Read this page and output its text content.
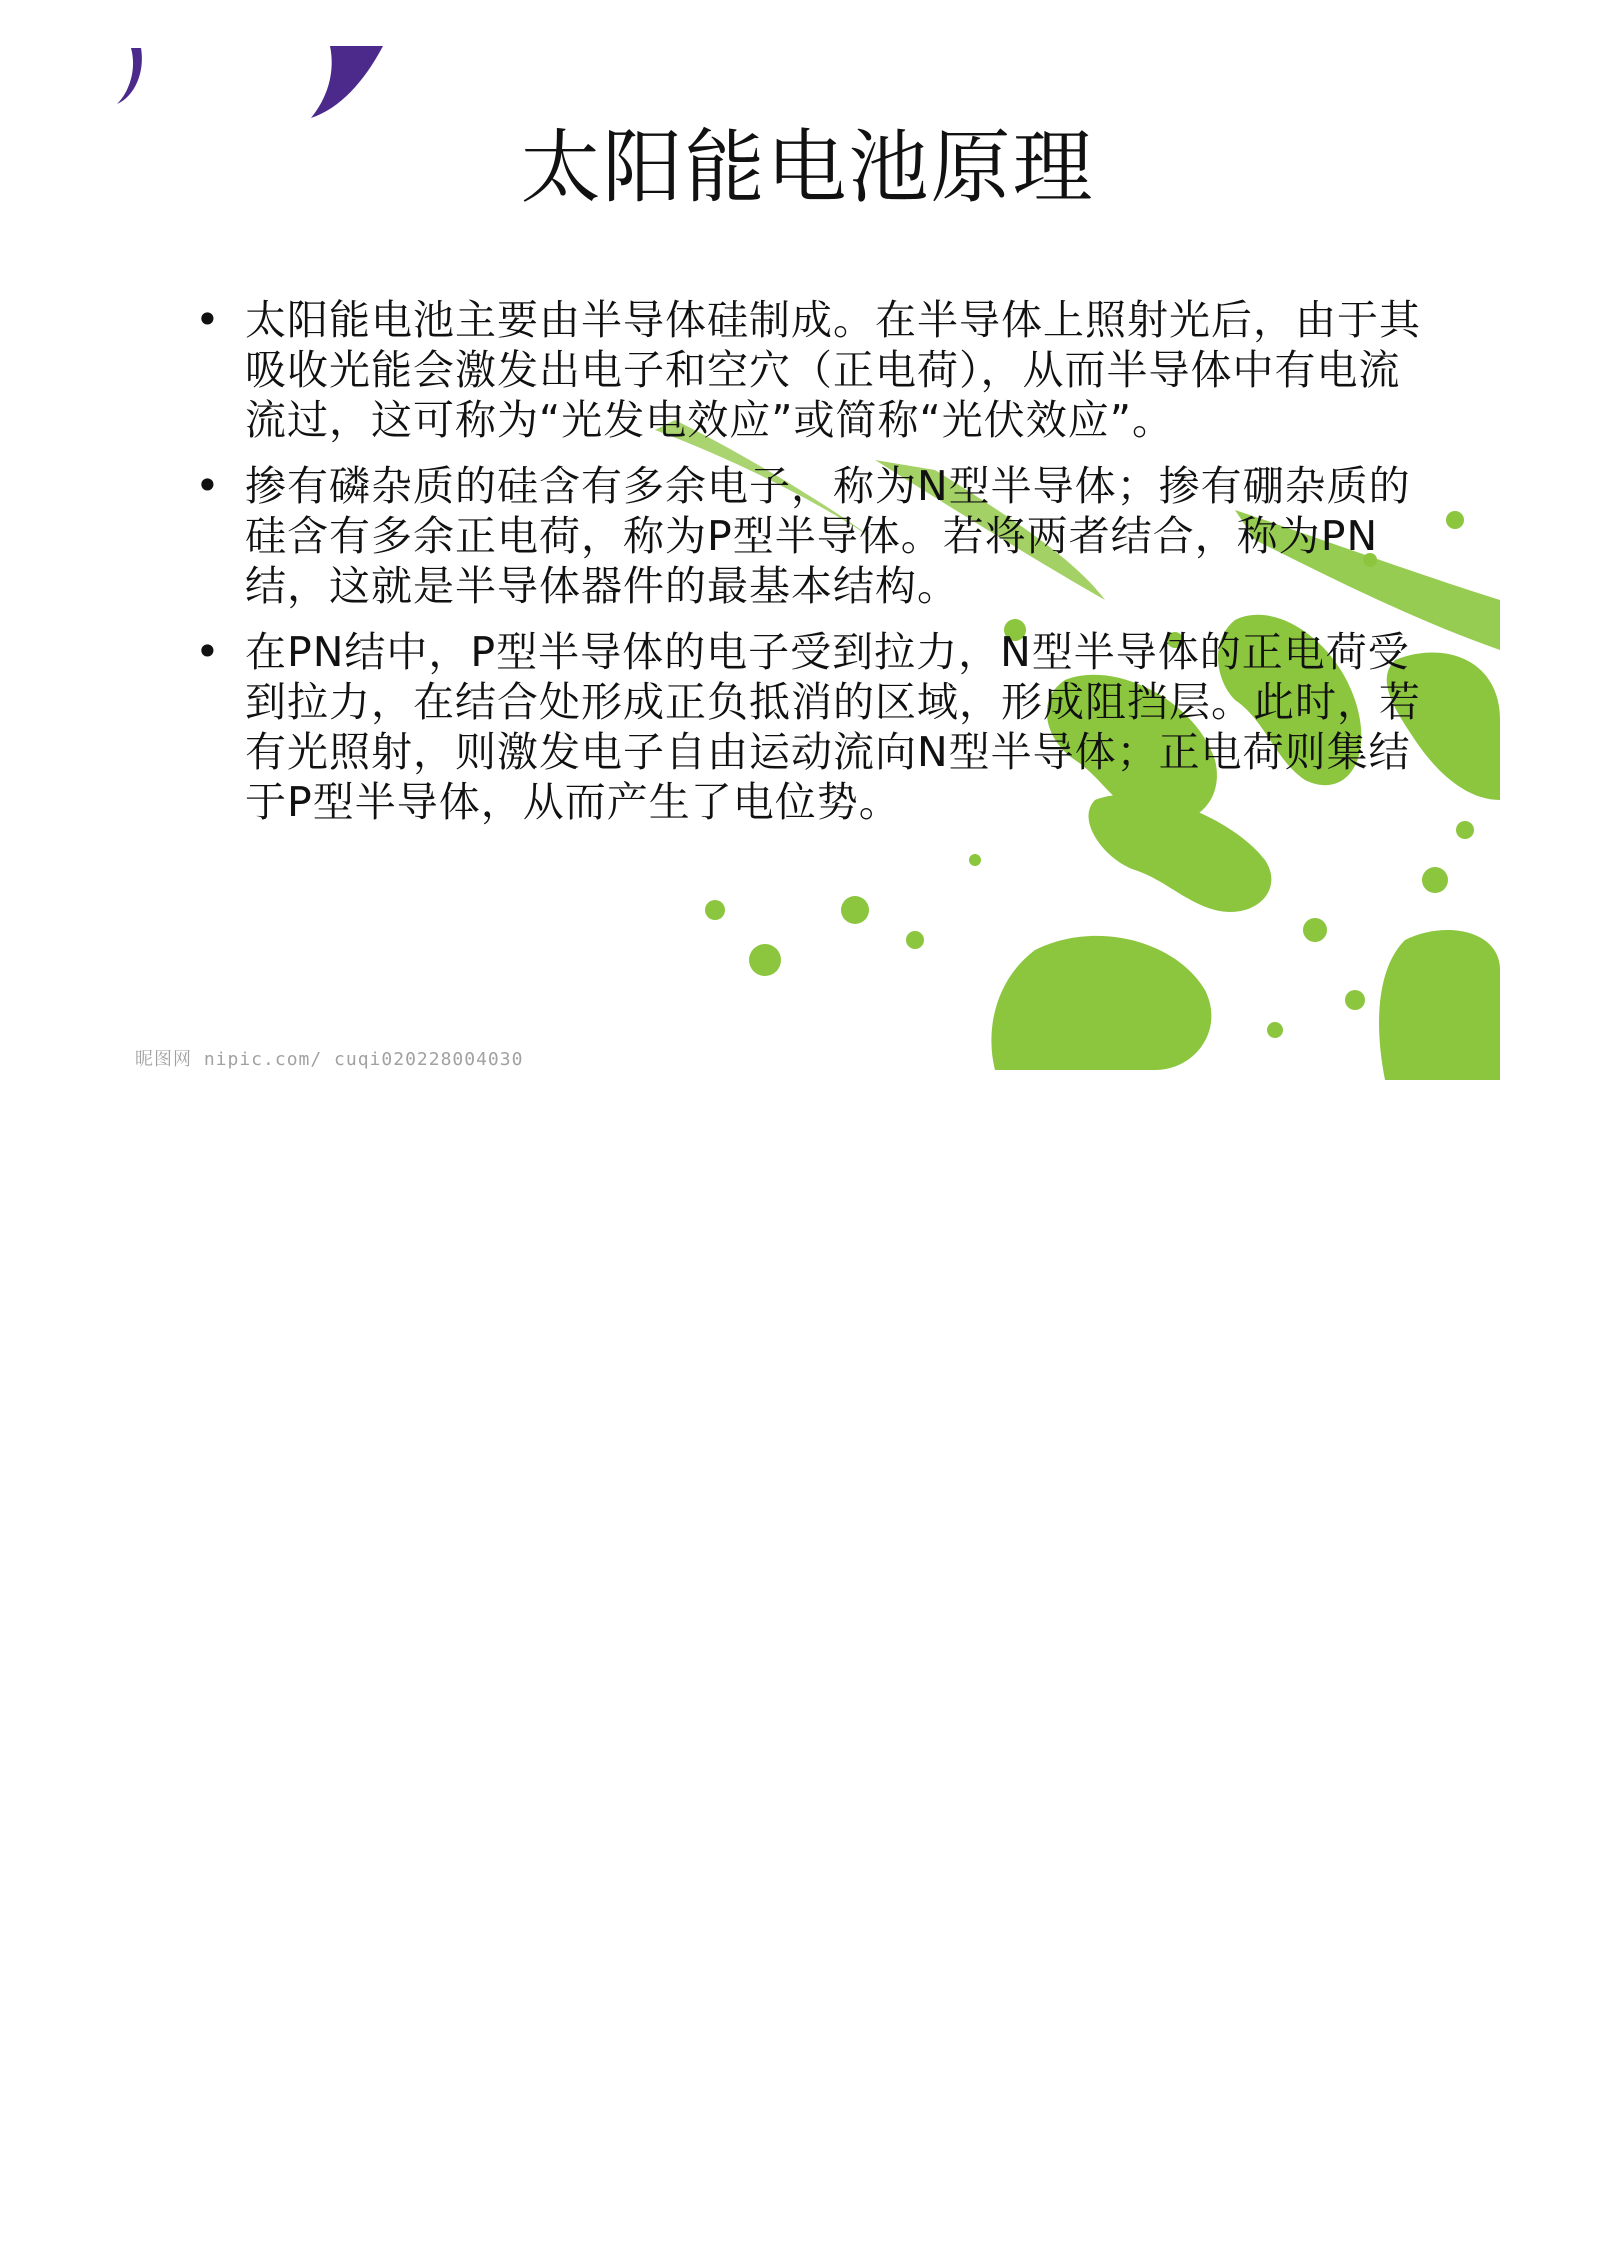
太阳能电池原理
• 太阳能电池主要由半导体硅制成。在半导体上照射光后，由于其吸收光能会激发出电子和空穴（正电荷），从而半导体中有电流流过，这可称为“光发电效应”或简称“光伏效应”。
• 掺有磷杂质的硅含有多余电子，称为N型半导体；掺有硼杂质的硅含有多余正电荷，称为P型半导体。若将两者结合，称为PN结，这就是半导体器件的最基本结构。
• 在PN结中，P型半导体的电子受到拉力，N型半导体的正电荷受到拉力，在结合处形成正负抵消的区域，形成阻挡层。此时，若有光照射，则激发电子自由运动流向N型半导体；正电荷则集结于P型半导体，从而产生了电位势。
昵图网 nipic.com/ cuqi020228004030
